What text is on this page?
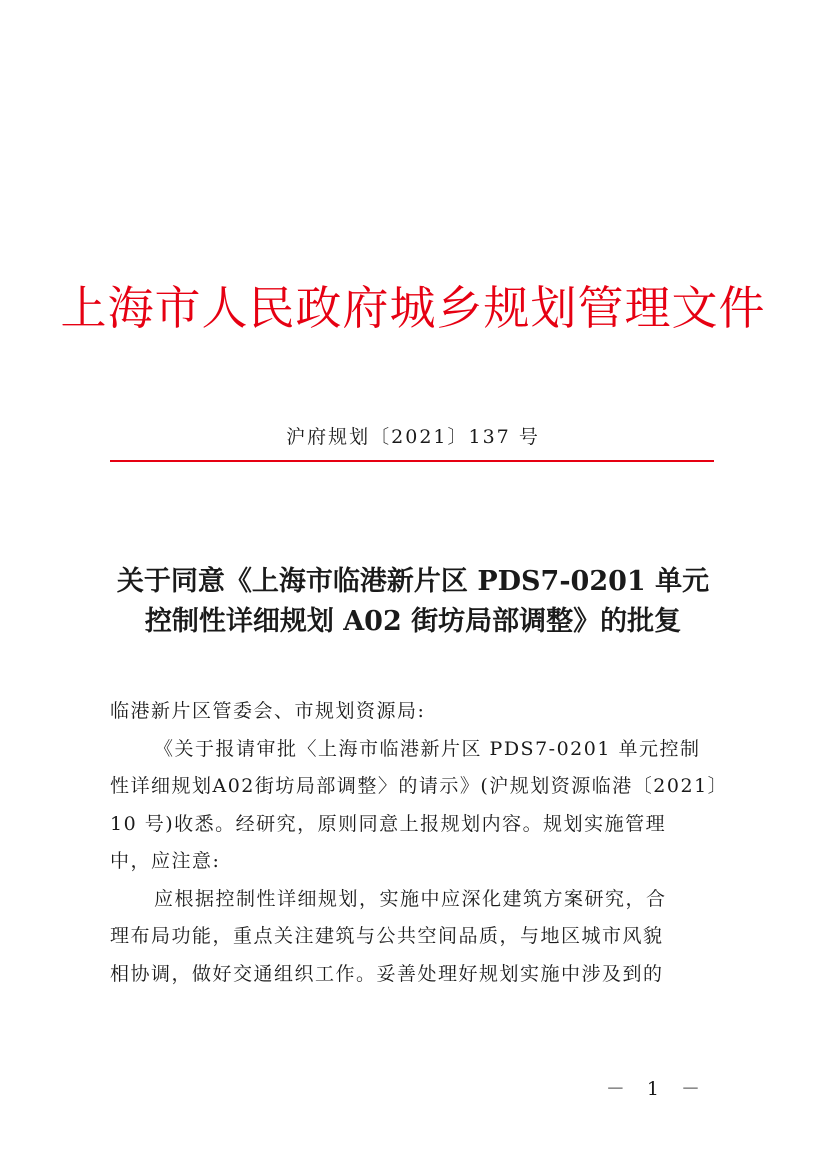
上海市人民政府城乡规划管理文件
沪府规划〔2021〕137 号
关于同意《上海市临港新片区 PDS7-0201 单元
控制性详细规划 A02 街坊局部调整》的批复
临港新片区管委会、市规划资源局:
《关于报请审批〈上海市临港新片区 PDS7-0201 单元控制
性详细规划A02街坊局部调整〉的请示》(沪规划资源临港〔2021〕
10 号)收悉。经研究，原则同意上报规划内容。规划实施管理
中，应注意:
应根据控制性详细规划，实施中应深化建筑方案研究，合
理布局功能，重点关注建筑与公共空间品质，与地区城市风貌
相协调，做好交通组织工作。妥善处理好规划实施中涉及到的
－ 1 －
